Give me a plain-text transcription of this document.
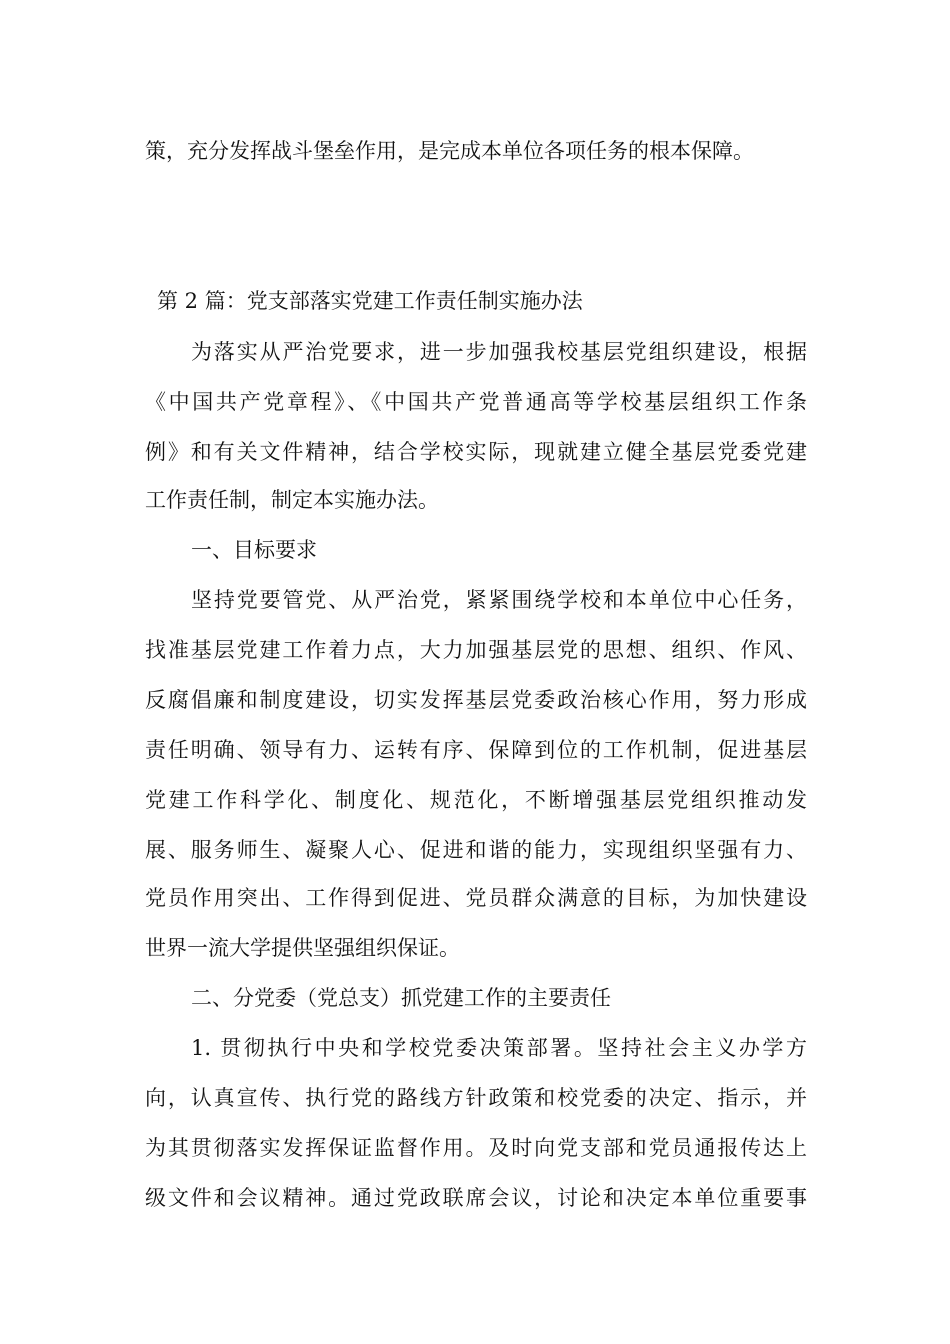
策，充分发挥战斗堡垒作用，是完成本单位各项任务的根本保障。
第 2 篇：党支部落实党建工作责任制实施办法
为落实从严治党要求，进一步加强我校基层党组织建设，根据
《中国共产党章程》、《中国共产党普通高等学校基层组织工作条
例》和有关文件精神，结合学校实际，现就建立健全基层党委党建
工作责任制，制定本实施办法。
一、目标要求
坚持党要管党、从严治党，紧紧围绕学校和本单位中心任务，
找准基层党建工作着力点，大力加强基层党的思想、组织、作风、
反腐倡廉和制度建设，切实发挥基层党委政治核心作用，努力形成
责任明确、领导有力、运转有序、保障到位的工作机制，促进基层
党建工作科学化、制度化、规范化，不断增强基层党组织推动发
展、服务师生、凝聚人心、促进和谐的能力，实现组织坚强有力、
党员作用突出、工作得到促进、党员群众满意的目标，为加快建设
世界一流大学提供坚强组织保证。
二、分党委（党总支）抓党建工作的主要责任
1. 贯彻执行中央和学校党委决策部署。坚持社会主义办学方
向，认真宣传、执行党的路线方针政策和校党委的决定、指示，并
为其贯彻落实发挥保证监督作用。及时向党支部和党员通报传达上
级文件和会议精神。通过党政联席会议，讨论和决定本单位重要事
